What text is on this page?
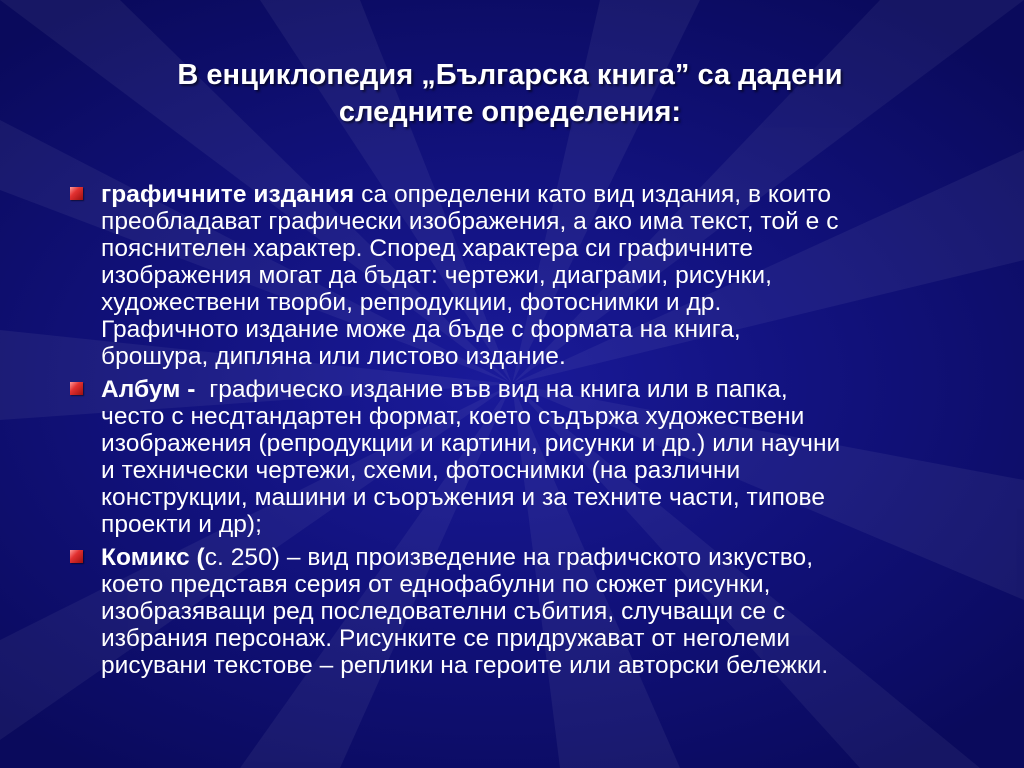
В енциклопедия „Българска книга” са дадени
следните определения:
графичните издания са определени като вид издания, в които
преобладават графически изображения, а ако има текст, той е с
пояснителен характер. Според характера си графичните
изображения могат да бъдат: чертежи, диаграми, рисунки,
художествени творби, репродукции, фотоснимки и др.
Графичното издание може да бъде с формата на книга,
брошура, дипляна или листово издание.
Албум -  графическо издание във вид на книга или в папка,
често с несдтандартен формат, което съдържа художествени
изображения (репродукции и картини, рисунки и др.) или научни
и технически чертежи, схеми, фотоснимки (на различни
конструкции, машини и съоръжения и за техните части, типове
проекти и др);
Комикс (с. 250) – вид произведение на графичското изкуство,
което представя серия от еднофабулни по сюжет рисунки,
изобразяващи ред последователни събития, случващи се с
избрания персонаж. Рисунките се придружават от неголеми
рисувани текстове – реплики на героите или авторски бележки.
